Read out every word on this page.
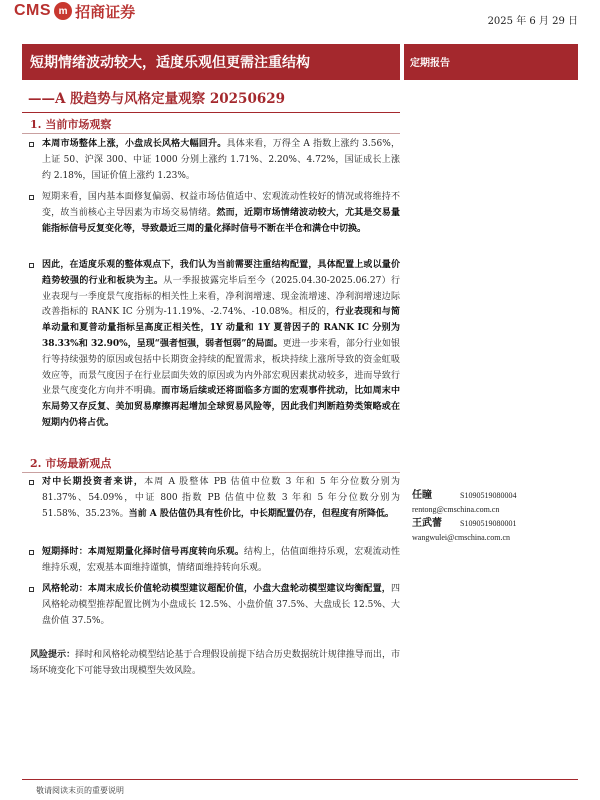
CMS m 招商证券
2025 年 6 月 29 日
短期情绪波动较大，适度乐观但更需注重结构	定期报告
——A 股趋势与风格定量观察 20250629
1. 当前市场观察
本周市场整体上涨，小盘成长风格大幅回升。具体来看，万得全 A 指数上涨约 3.56%，上证 50、沪深 300、中证 1000 分别上涨约 1.71%、2.20%、4.72%，国证成长上涨约 2.18%，国证价值上涨约 1.23%。
短期来看，国内基本面修复偏弱、权益市场估值适中、宏观流动性较好的情况或将维持不变，故当前核心主导因素为市场交易情绪。然而，近期市场情绪波动较大，尤其是交易量能指标信号反复变化等，导致最近三周的量化择时信号不断在半仓和满仓中切换。
因此，在适度乐观的整体观点下，我们认为当前需要注重结构配置，具体配置上或以量价趋势较强的行业和板块为主。从一季报披露完毕后至今（2025.04.30-2025.06.27）行业表现与一季度景气度指标的相关性上来看，净利润增速、现金流增速、净利润增速边际改善指标的 RANK IC 分别为-11.19%、-2.74%、-10.08%。相反的，行业表现和与简单动量和夏普动量指标呈高度正相关性，1Y 动量和 1Y 夏普因子的 RANK IC 分别为 38.33%和 32.90%，呈现“强者恒强，弱者恒弱”的局面。更进一步来看，部分行业如银行等持续强势的原因或包括中长期资金持续的配置需求，板块持续上涨所导致的资金虹吸效应等，而景气度因子在行业层面失效的原因或为内外部宏观因素扰动较多，进而导致行业景气度变化方向并不明确。而市场后续或还将面临多方面的宏观事件扰动，比如周末中东局势又存反复、美加贸易摩擦再起增加全球贸易风险等，因此我们判断趋势类策略或在短期内仍将占优。
2. 市场最新观点
对中长期投资者来讲，本周 A 股整体 PB 估值中位数 3 年和 5 年分位数分别为 81.37%、54.09%，中证 800 指数 PB 估值中位数 3 年和 5 年分位数分别为 51.58%、35.23%。当前 A 股估值仍具有性价比，中长期配置仍存，但程度有所降低。
短期择时：本周短期量化择时信号再度转向乐观。结构上，估值面维持乐观，宏观流动性维持乐观，宏观基本面维持谨慎，情绪面维持转向乐观。
风格轮动：本周末成长价值轮动模型建议超配价值，小盘大盘轮动模型建议均衡配置，四风格轮动模型推荐配置比例为小盘成长 12.5%、小盘价值 37.5%、大盘成长 12.5%、大盘价值 37.5%。
风险提示：择时和风格轮动模型结论基于合理假设前提下结合历史数据统计规律推导而出，市场环境变化下可能导致出现模型失效风险。
任瞳	S1090519080004
rentong@cmschina.com.cn
王武蕾 S1090519080001
wangwulei@cmschina.com.cn
敬请阅读末页的重要说明
